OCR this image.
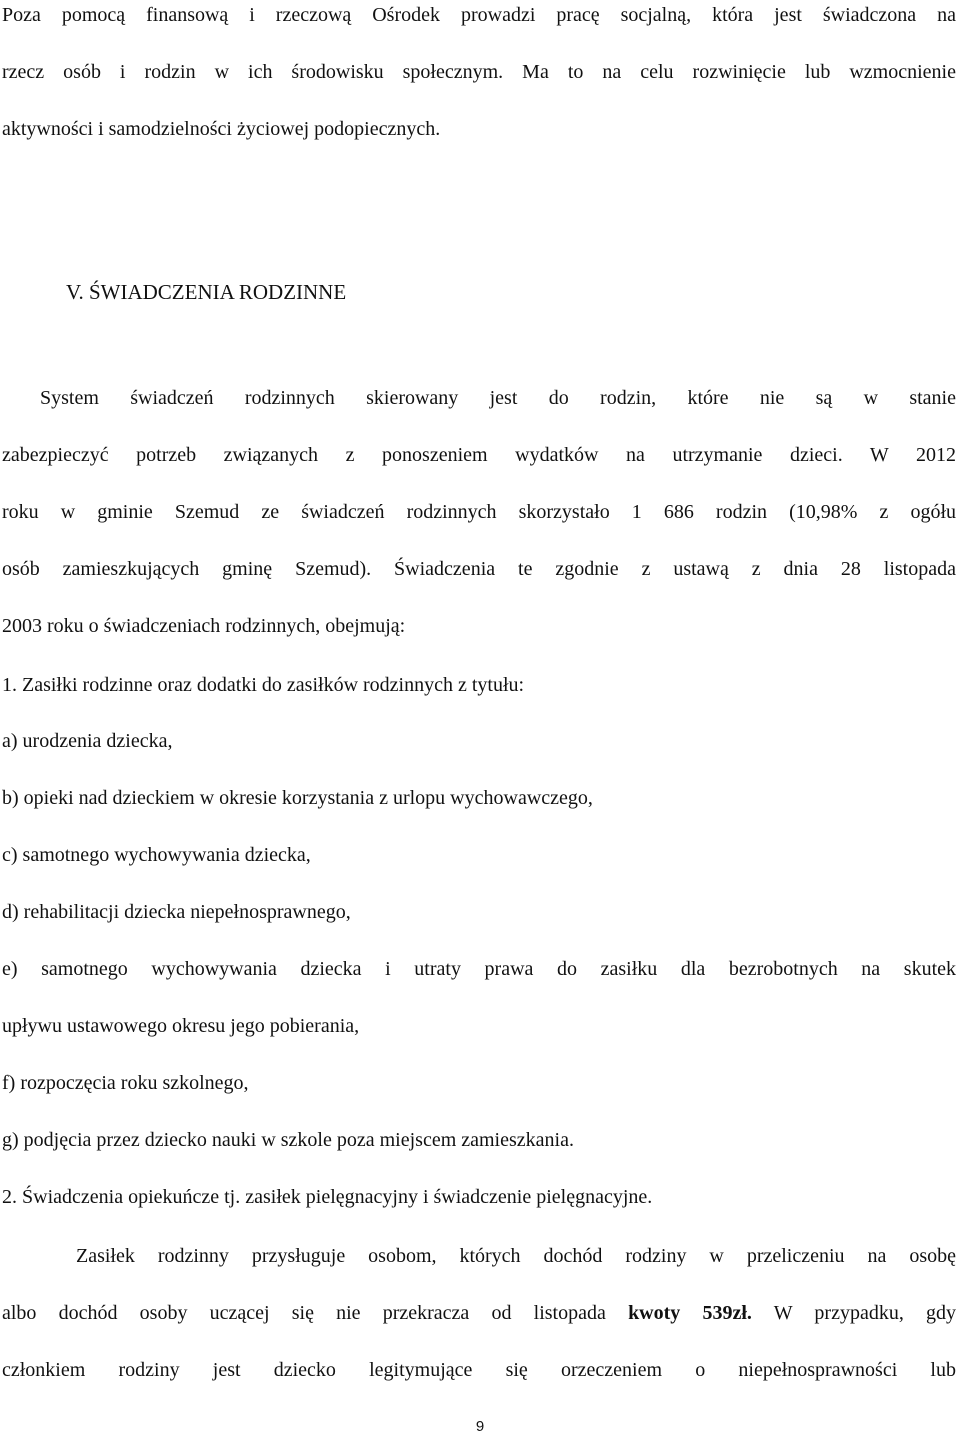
Poza pomocą finansową i rzeczową Ośrodek prowadzi pracę socjalną, która jest świadczona na
rzecz osób i rodzin w ich środowisku społecznym. Ma to na celu rozwinięcie lub wzmocnienie
aktywności i samodzielności życiowej podopiecznych.
V. ŚWIADCZENIA RODZINNE
System świadczeń rodzinnych skierowany jest do rodzin, które nie są w stanie
zabezpieczyć potrzeb związanych z ponoszeniem wydatków na utrzymanie dzieci. W 2012
roku w gminie Szemud ze świadczeń rodzinnych skorzystało 1 686 rodzin (10,98% z ogółu
osób zamieszkujących gminę Szemud). Świadczenia te zgodnie z ustawą z dnia 28 listopada
2003 roku o świadczeniach rodzinnych, obejmują:
1. Zasiłki rodzinne oraz dodatki do zasiłków rodzinnych z tytułu:
a) urodzenia dziecka,
b) opieki nad dzieckiem w okresie korzystania z urlopu wychowawczego,
c) samotnego wychowywania dziecka,
d) rehabilitacji dziecka niepełnosprawnego,
e) samotnego wychowywania dziecka i utraty prawa do zasiłku dla bezrobotnych na skutek
upływu ustawowego okresu jego pobierania,
f) rozpoczęcia roku szkolnego,
g) podjęcia przez dziecko nauki w szkole poza miejscem zamieszkania.
2. Świadczenia opiekuńcze tj. zasiłek pielęgnacyjny i świadczenie pielęgnacyjne.
Zasiłek rodzinny przysługuje osobom, których dochód rodziny w przeliczeniu na osobę
albo dochód osoby uczącej się nie przekracza od listopada kwoty 539zł. W przypadku, gdy
członkiem rodziny jest dziecko legitymujące się orzeczeniem o niepełnosprawności lub
9
